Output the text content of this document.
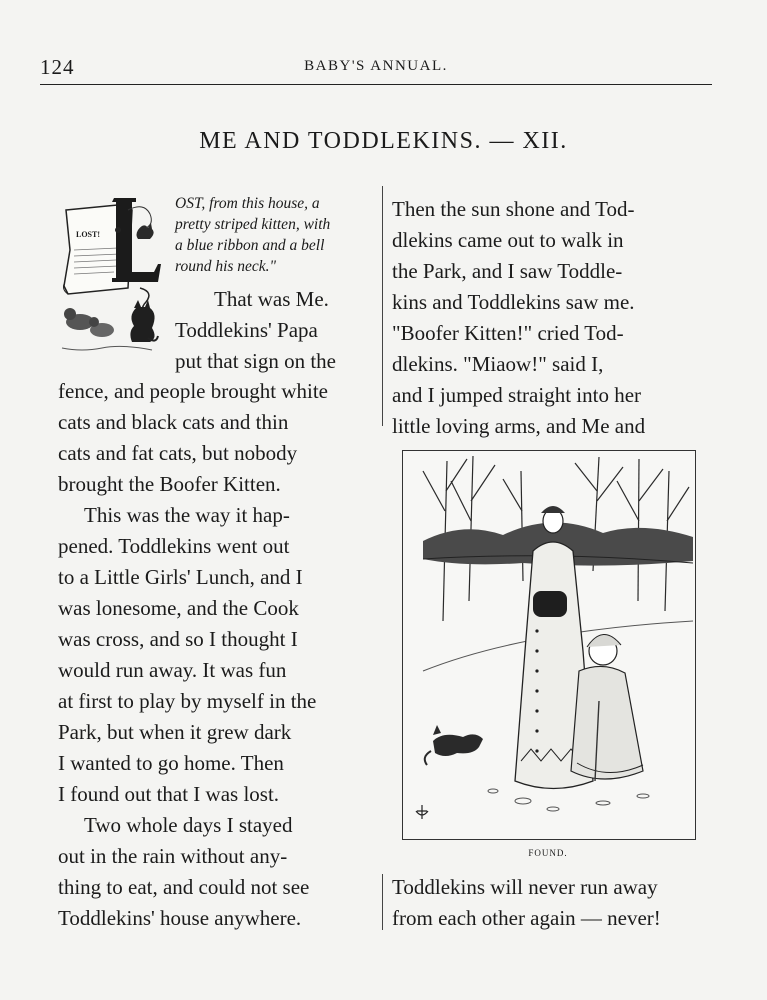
124	BABY'S ANNUAL.
ME AND TODDLEKINS. — XII.
LOST!
OST, from this house, a
pretty striped kitten, with
a blue ribbon and a bell
round his neck."
That was Me.
Toddlekins' Papa
put that sign on the
fence, and people brought white
cats and black cats and thin
cats and fat cats, but nobody
brought the Boofer Kitten.
This was the way it hap-
pened. Toddlekins went out
to a Little Girls' Lunch, and I
was lonesome, and the Cook
was cross, and so I thought I
would run away. It was fun
at first to play by myself in the
Park, but when it grew dark
I wanted to go home. Then
I found out that I was lost.
Two whole days I stayed
out in the rain without any-
thing to eat, and could not see
Toddlekins' house anywhere.
Then the sun shone and Tod-
dlekins came out to walk in
the Park, and I saw Toddle-
kins and Toddlekins saw me.
"Boofer Kitten!" cried Tod-
dlekins. "Miaow!" said I,
and I jumped straight into her
little loving arms, and Me and
FOUND.
Toddlekins will never run away
from each other again — never!
